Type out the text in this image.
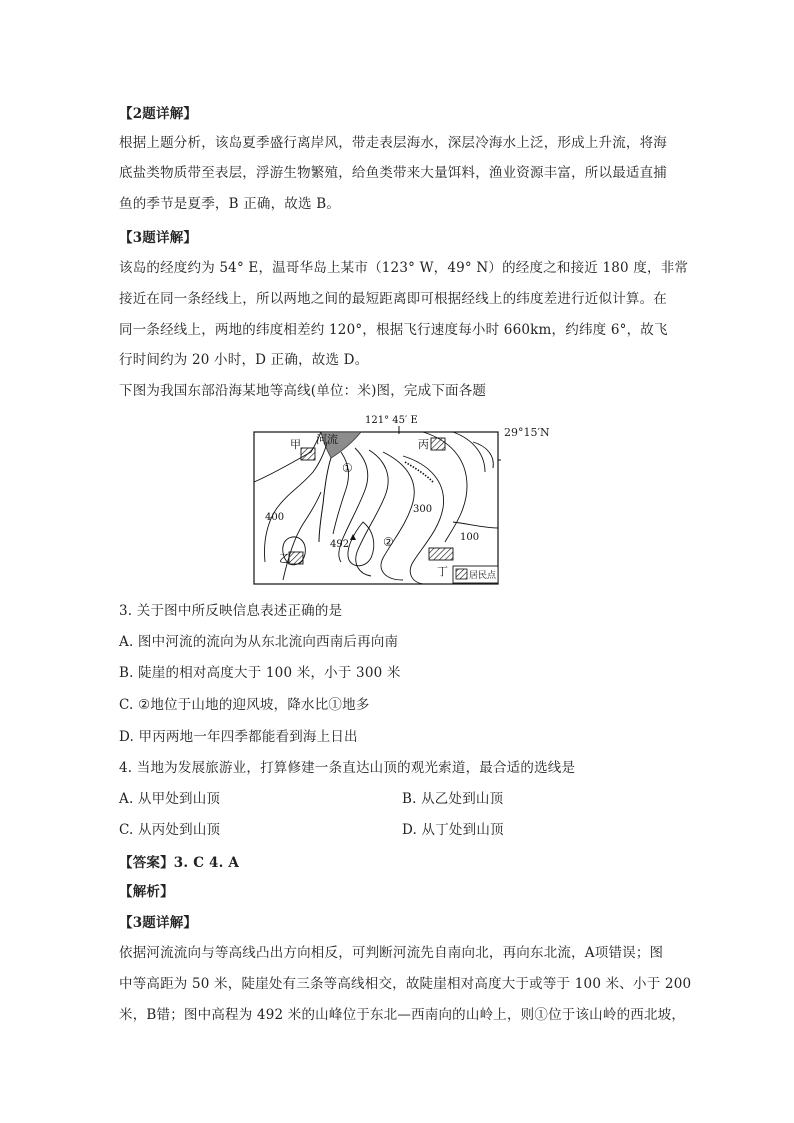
【2题详解】
根据上题分析，该岛夏季盛行离岸风，带走表层海水，深层冷海水上泛，形成上升流，将海
底盐类物质带至表层，浮游生物繁殖，给鱼类带来大量饵料，渔业资源丰富，所以最适直捕
鱼的季节是夏季，B 正确，故选 B。
【3题详解】
该岛的经度约为 54° E，温哥华岛上某市（123° W，49° N）的经度之和接近 180 度，非常
接近在同一条经线上，所以两地之间的最短距离即可根据经线上的纬度差进行近似计算。在
同一条经线上，两地的纬度相差约 120°，根据飞行速度每小时 660km，约纬度 6°，故飞
行时间约为 20 小时，D 正确，故选 D。
下图为我国东部沿海某地等高线(单位：米)图，完成下面各题
121° 45′ E
甲 河流	丙
乙
丁
400
300
100
492
①
②
居民点
29°15′N
3. 关于图中所反映信息表述正确的是
A. 图中河流的流向为从东北流向西南后再向南
B. 陡崖的相对高度大于 100 米，小于 300 米
C. ②地位于山地的迎风坡，降水比①地多
D. 甲丙两地一年四季都能看到海上日出
4. 当地为发展旅游业，打算修建一条直达山顶的观光索道，最合适的选线是
A. 从甲处到山顶	B. 从乙处到山顶
C. 从丙处到山顶	D. 从丁处到山顶
【答案】3. C 4. A
【解析】
【3题详解】
依据河流流向与等高线凸出方向相反，可判断河流先自南向北，再向东北流，A项错误；图
中等高距为 50 米，陡崖处有三条等高线相交，故陡崖相对高度大于或等于 100 米、小于 200
米，B错；图中高程为 492 米的山峰位于东北—西南向的山岭上，则①位于该山岭的西北坡，
